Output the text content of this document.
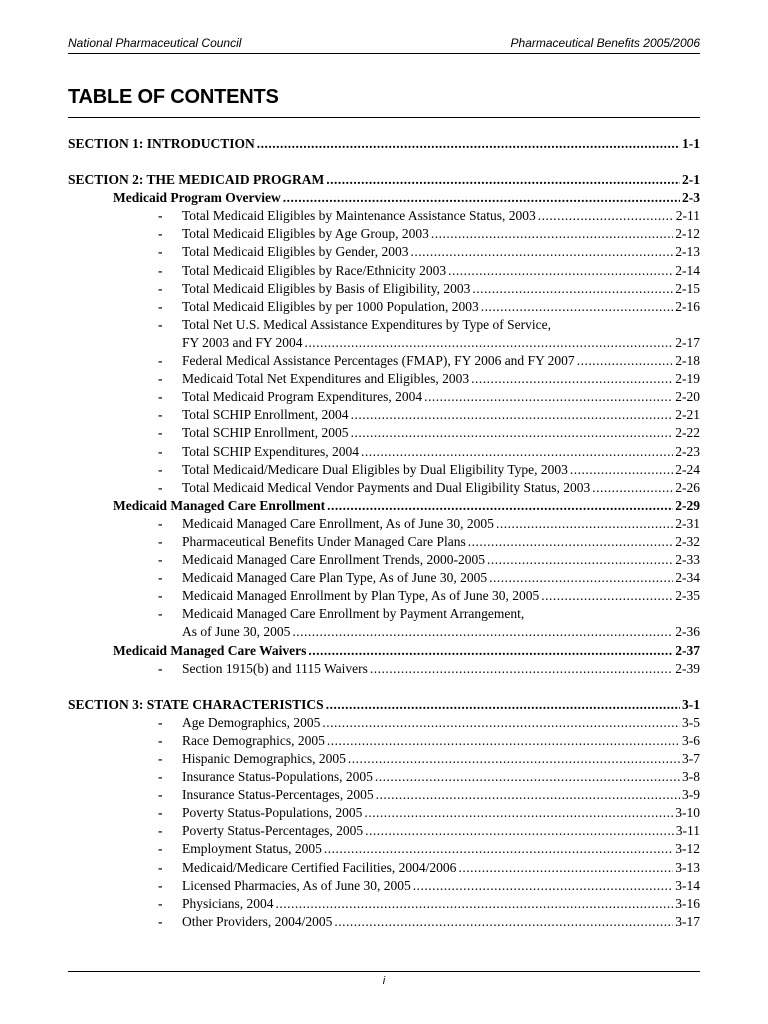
National Pharmaceutical Council	Pharmaceutical Benefits 2005/2006
TABLE OF CONTENTS
SECTION 1: INTRODUCTION .....	1-1
SECTION 2: THE MEDICAID PROGRAM .....	2-1
Medicaid Program Overview .....	2-3
- Total Medicaid Eligibles by Maintenance Assistance Status, 2003 .....	2-11
- Total Medicaid Eligibles by Age Group, 2003 .....	2-12
- Total Medicaid Eligibles by Gender, 2003 .....	2-13
- Total Medicaid Eligibles by Race/Ethnicity 2003 .....	2-14
- Total Medicaid Eligibles by Basis of Eligibility, 2003 .....	2-15
- Total Medicaid Eligibles by per 1000 Population, 2003 .....	2-16
- Total Net U.S. Medical Assistance Expenditures by Type of Service,
FY 2003 and FY 2004 .....	2-17
- Federal Medical Assistance Percentages (FMAP), FY 2006 and FY 2007 .....	2-18
- Medicaid Total Net Expenditures and Eligibles, 2003 .....	2-19
- Total Medicaid Program Expenditures, 2004 .....	2-20
- Total SCHIP Enrollment, 2004 .....	2-21
- Total SCHIP Enrollment, 2005 .....	2-22
- Total SCHIP Expenditures, 2004 .....	2-23
- Total Medicaid/Medicare Dual Eligibles by Dual Eligibility Type, 2003 .....	2-24
- Total Medicaid Medical Vendor Payments and Dual Eligibility Status, 2003 .....	2-26
Medicaid Managed Care Enrollment .....	2-29
- Medicaid Managed Care Enrollment, As of June 30, 2005 .....	2-31
- Pharmaceutical Benefits Under Managed Care Plans .....	2-32
- Medicaid Managed Care Enrollment Trends, 2000-2005 .....	2-33
- Medicaid Managed Care Plan Type, As of June 30, 2005 .....	2-34
- Medicaid Managed Enrollment by Plan Type, As of June 30, 2005 .....	2-35
- Medicaid Managed Care Enrollment by Payment Arrangement,
As of June 30, 2005 .....	2-36
Medicaid Managed Care Waivers .....	2-37
- Section 1915(b) and 1115 Waivers .....	2-39
SECTION 3: STATE CHARACTERISTICS .....	3-1
- Age Demographics, 2005 .....	3-5
- Race Demographics, 2005 .....	3-6
- Hispanic Demographics, 2005 .....	3-7
- Insurance Status-Populations, 2005 .....	3-8
- Insurance Status-Percentages, 2005 .....	3-9
- Poverty Status-Populations, 2005 .....	3-10
- Poverty Status-Percentages, 2005 .....	3-11
- Employment Status, 2005 .....	3-12
- Medicaid/Medicare Certified Facilities, 2004/2006 .....	3-13
- Licensed Pharmacies, As of June 30, 2005 .....	3-14
- Physicians, 2004 .....	3-16
- Other Providers, 2004/2005 .....	3-17
i
